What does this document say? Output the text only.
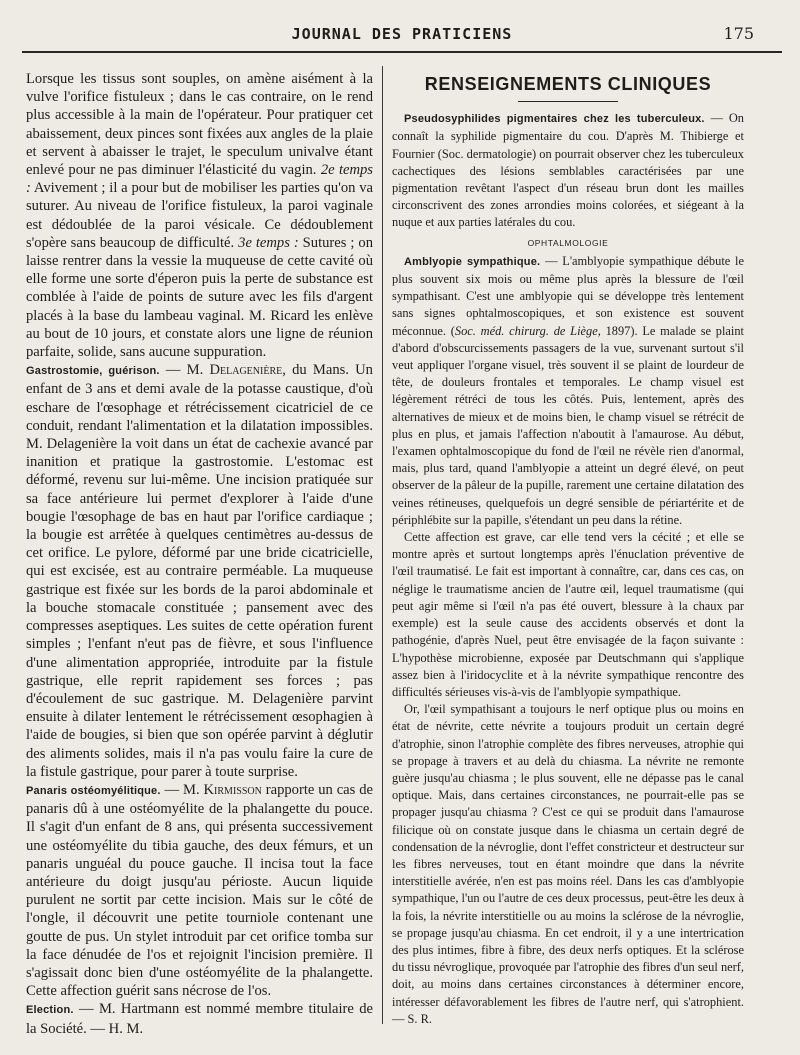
JOURNAL DES PRATICIENS	175

Lorsque les tissus sont souples, on amène aisément à la vulve l'orifice fistuleux ; dans le cas contraire, on le rend plus accessible à la main de l'opérateur. Pour pratiquer cet abaissement, deux pinces sont fixées aux angles de la plaie et servent à abaisser le trajet, le speculum univalve étant enlevé pour ne pas diminuer l'élasticité du vagin. 2e temps : Avivement ; il a pour but de mobiliser les parties qu'on va suturer. Au niveau de l'orifice fistuleux, la paroi vaginale est dédoublée de la paroi vésicale. Ce dédoublement s'opère sans beaucoup de difficulté. 3e temps : Sutures ; on laisse rentrer dans la vessie la muqueuse de cette cavité où elle forme une sorte d'éperon puis la perte de substance est comblée à l'aide de points de suture avec les fils d'argent placés à la base du lambeau vaginal. M. Ricard les enlève au bout de 10 jours, et constate alors une ligne de réunion parfaite, solide, sans aucune suppuration.

Gastrostomie, guérison. — M. Delagenière, du Mans. Un enfant de 3 ans et demi avale de la potasse caustique, d'où eschare de l'œsophage et rétrécissement cicatriciel de ce conduit, rendant l'alimentation et la dilatation impossibles. M. Delagenière la voit dans un état de cachexie avancé par inanition et pratique la gastrostomie. L'estomac est déformé, revenu sur lui-même. Une incision pratiquée sur sa face antérieure lui permet d'explorer à l'aide d'une bougie l'œsophage de bas en haut par l'orifice cardiaque ; la bougie est arrêtée à quelques centimètres au-dessus de cet orifice. Le pylore, déformé par une bride cicatricielle, qui est excisée, est au contraire perméable. La muqueuse gastrique est fixée sur les bords de la paroi abdominale et la bouche stomacale constituée ; pansement avec des compresses aseptiques. Les suites de cette opération furent simples ; l'enfant n'eut pas de fièvre, et sous l'influence d'une alimentation appropriée, introduite par la fistule gastrique, elle reprit rapidement ses forces ; pas d'écoulement de suc gastrique. M. Delagenière parvint ensuite à dilater lentement le rétrécissement œsophagien à l'aide de bougies, si bien que son opérée parvint à déglutir des aliments solides, mais il n'a pas voulu faire la cure de la fistule gastrique, pour parer à toute surprise.

Panaris ostéomyélitique. — M. Kirmisson rapporte un cas de panaris dû à une ostéomyélite de la phalangette du pouce. Il s'agit d'un enfant de 8 ans, qui présenta successivement une ostéomyélite du tibia gauche, des deux fémurs, et un panaris unguéal du pouce gauche. Il incisa tout la face antérieure du doigt jusqu'au périoste. Aucun liquide purulent ne sortit par cette incision. Mais sur le côté de l'ongle, il découvrit une petite tourniole contenant une goutte de pus. Un stylet introduit par cet orifice tomba sur la face dénudée de l'os et rejoignit l'incision première. Il s'agissait donc bien d'une ostéomyélite de la phalangette. Cette affection guérit sans nécrose de l'os.

Election. — M. Hartmann est nommé membre titulaire de la Société. — H. M.

RENSEIGNEMENTS CLINIQUES

Pseudosyphilides pigmentaires chez les tuberculeux. — On connaît la syphilide pigmentaire du cou. D'après M. Thibierge et Fournier (Soc. dermatologie) on pourrait observer chez les tuberculeux cachectiques des lésions semblables caractérisées par une pigmentation revêtant l'aspect d'un réseau brun dont les mailles circonscrivent des zones arrondies moins colorées, et siégeant à la nuque et aux parties latérales du cou.

OPHTALMOLOGIE

Amblyopie sympathique. — L'amblyopie sympathique débute le plus souvent six mois ou même plus après la blessure de l'œil sympathisant. C'est une amblyopie qui se développe très lentement sans signes ophtalmoscopiques, et son existence est souvent méconnue. (Soc. méd. chirurg. de Liège, 1897). Le malade se plaint d'abord d'obscurcissements passagers de la vue, survenant surtout s'il veut appliquer l'organe visuel, très souvent il se plaint de lourdeur de tête, de douleurs frontales et temporales. Le champ visuel est légèrement rétréci de tous les côtés. Puis, lentement, après des alternatives de mieux et de moins bien, le champ visuel se rétrécit de plus en plus, et jamais l'affection n'aboutit à l'amaurose. Au début, l'examen ophtalmoscopique du fond de l'œil ne révèle rien d'anormal, mais, plus tard, quand l'amblyopie a atteint un degré élevé, on peut observer de la pâleur de la pupille, rarement une certaine dilatation des veines rétineuses, quelquefois un degré sensible de périartérite et de périphlébite sur la papille, s'étendant un peu dans la rétine.

Cette affection est grave, car elle tend vers la cécité ; et elle se montre après et surtout longtemps après l'énuclation préventive de l'œil traumatisé. Le fait est important à connaître, car, dans ces cas, on néglige le traumatisme ancien de l'autre œil, lequel traumatisme (qui peut agir même si l'œil n'a pas été ouvert, blessure à la chaux par exemple) est la seule cause des accidents observés et dont la pathogénie, d'après Nuel, peut être envisagée de la façon suivante : L'hypothèse microbienne, exposée par Deutschmann qui s'applique assez bien à l'iridocyclite et à la névrite sympathique rencontre des difficultés sérieuses vis-à-vis de l'amblyopie sympathique.

Or, l'œil sympathisant a toujours le nerf optique plus ou moins en état de névrite, cette névrite a toujours produit un certain degré d'atrophie, sinon l'atrophie complète des fibres nerveuses, atrophie qui se propage à travers et au delà du chiasma. La névrite ne remonte guère jusqu'au chiasma ; le plus souvent, elle ne dépasse pas le canal optique. Mais, dans certaines circonstances, ne pourrait-elle pas se propager jusqu'au chiasma ? C'est ce qui se produit dans l'amaurose filicique où on constate jusque dans le chiasma un certain degré de condensation de la névroglie, dont l'effet constricteur et destructeur sur les fibres nerveuses, tout en étant moindre que dans la névrite interstitielle avérée, n'en est pas moins réel. Dans les cas d'amblyopie sympathique, l'un ou l'autre de ces deux processus, peut-être les deux à la fois, la névrite interstitielle ou au moins la sclérose de la névroglie, se propage jusqu'au chiasma. En cet endroit, il y a une intertrication des plus intimes, fibre à fibre, des deux nerfs optiques. Et la sclérose du tissu névroglique, provoquée par l'atrophie des fibres d'un seul nerf, doit, au moins dans certaines circonstances à déterminer encore, intéresser défavorablement les fibres de l'autre nerf, qui s'atrophient. — S. R.
